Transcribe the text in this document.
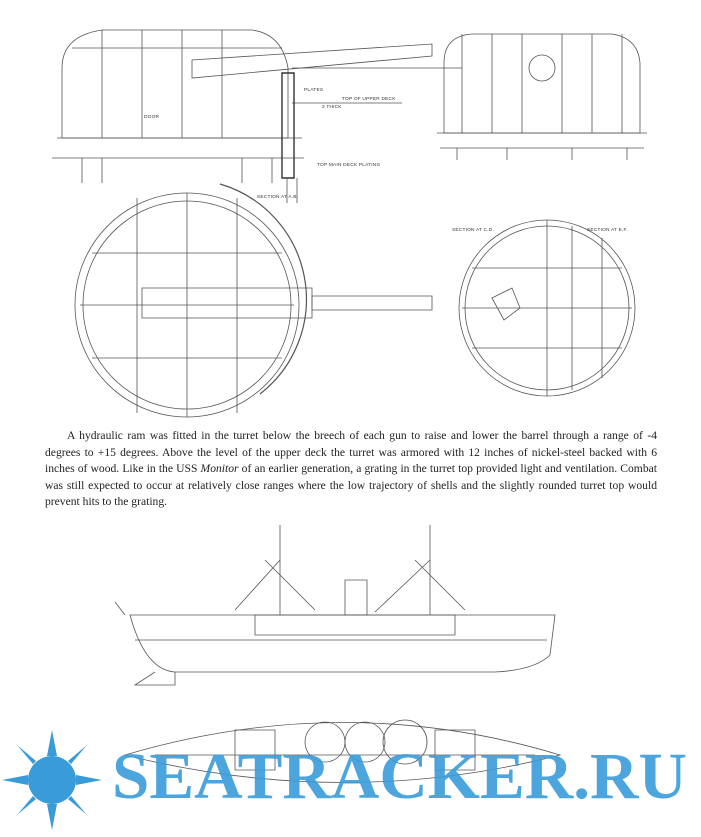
SECTION AT A.B.
SECTION AT C.D.	SECTION AT E.F.
TOP OF UPPER DECK
TOP MAIN DECK PLATING
PLATES
2 THICK
DOOR

A hydraulic ram was fitted in the turret below the breech of each gun to raise and lower the barrel through a range of -4 degrees to +15 degrees. Above the level of the upper deck the turret was armored with 12 inches of nickel-steel backed with 6 inches of wood. Like in the USS Monitor of an earlier generation, a grating in the turret top provided light and ventilation. Combat was still expected to occur at relatively close ranges where the low trajectory of shells and the slightly rounded turret top would prevent hits to the grating.

SEATRACKER.RU
